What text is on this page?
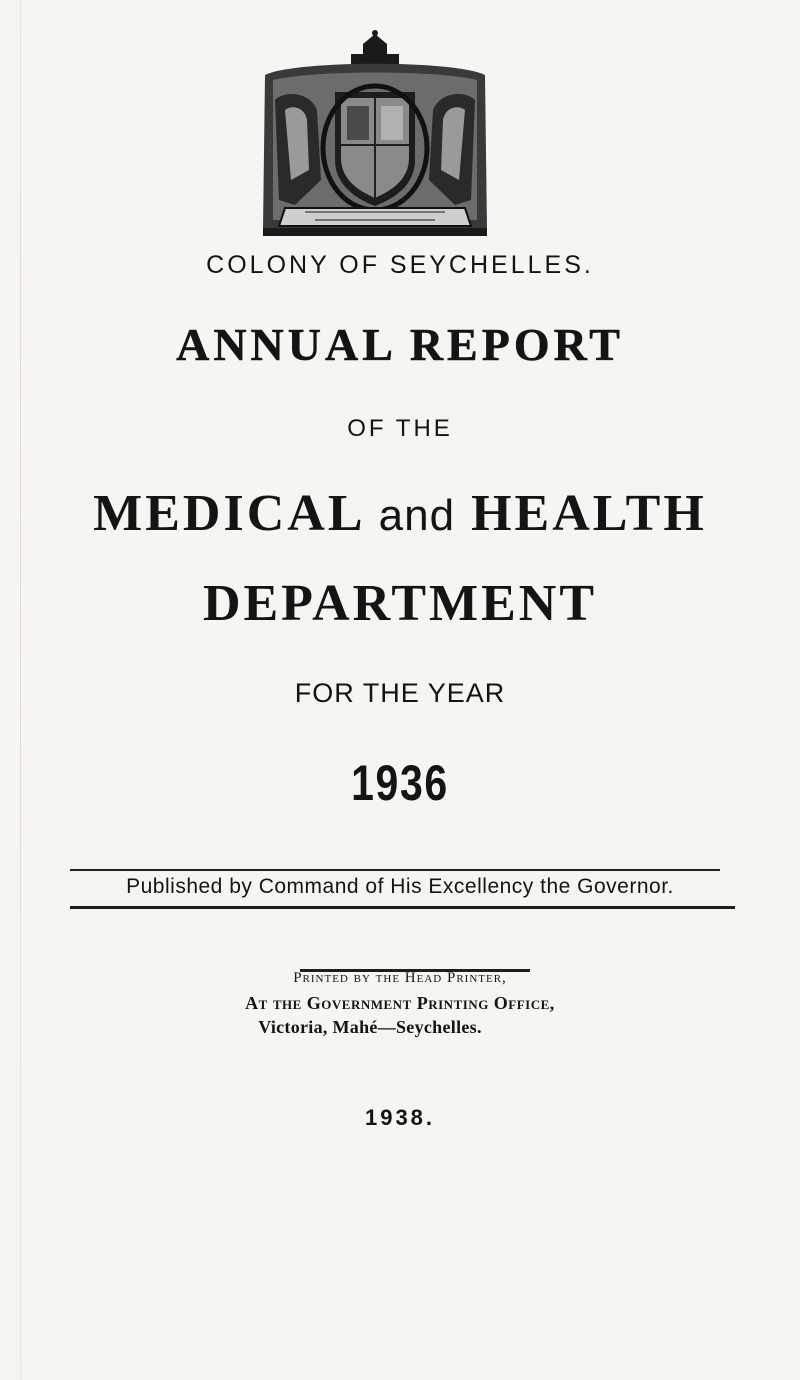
COLONY OF SEYCHELLES.
ANNUAL REPORT
OF THE
MEDICAL and HEALTH
DEPARTMENT
FOR THE YEAR
1936
Published by Command of His Excellency the Governor.
Printed by the Head Printer,
At the Government Printing Office,
Victoria, Mahé—Seychelles.
1938.
